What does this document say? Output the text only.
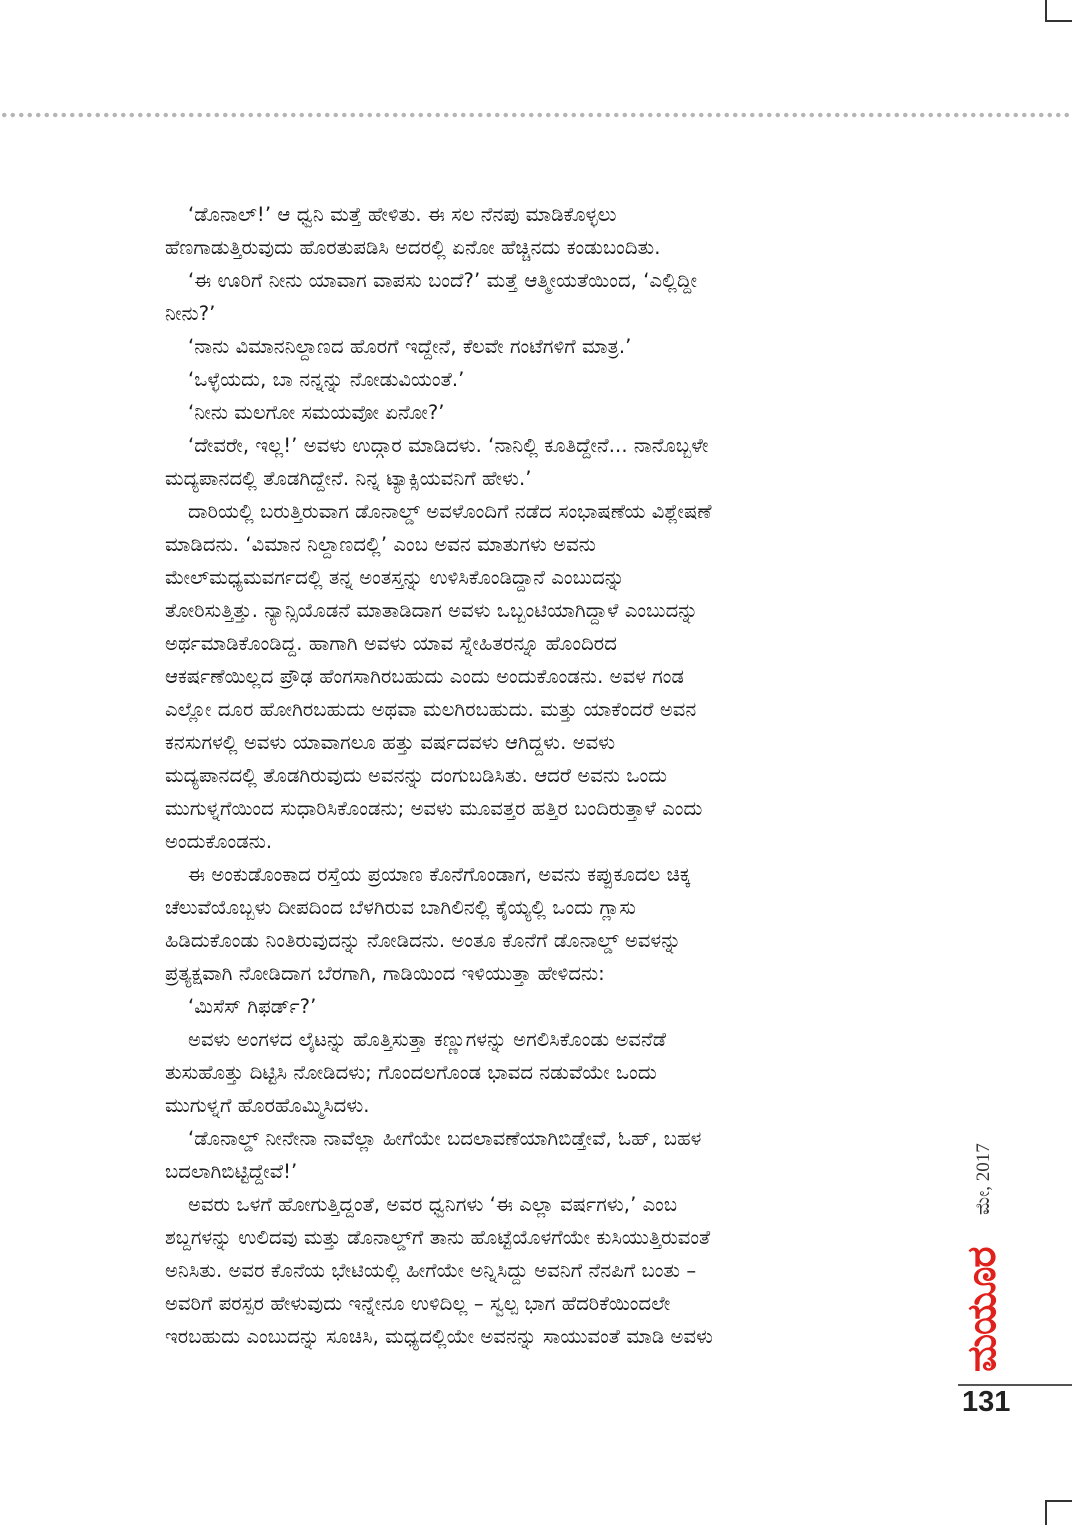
‘ಡೊನಾಲ್!’ ಆ ಧ್ವನಿ ಮತ್ತೆ ಹೇಳಿತು. ಈ ಸಲ ನೆನಪು ಮಾಡಿಕೊಳ್ಳಲು

ಹೆಣಗಾಡುತ್ತಿರುವುದು ಹೊರತುಪಡಿಸಿ ಅದರಲ್ಲಿ ಏನೋ ಹೆಚ್ಚಿನದು ಕಂಡುಬಂದಿತು.

‘ಈ ಊರಿಗೆ ನೀನು ಯಾವಾಗ ವಾಪಸು ಬಂದೆ?’ ಮತ್ತೆ ಆತ್ಮೀಯತೆಯಿಂದ, ‘ಎಲ್ಲಿದ್ದೀ

ನೀನು?’

‘ನಾನು ವಿಮಾನನಿಲ್ದಾಣದ ಹೊರಗೆ ಇದ್ದೇನೆ, ಕೆಲವೇ ಗಂಟೆಗಳಿಗೆ ಮಾತ್ರ.’

‘ಒಳ್ಳೆಯದು, ಬಾ ನನ್ನನ್ನು ನೋಡುವಿಯಂತೆ.’

‘ನೀನು ಮಲಗೋ ಸಮಯವೋ ಏನೋ?’

‘ದೇವರೇ, ಇಲ್ಲ!’ ಅವಳು ಉದ್ಗಾರ ಮಾಡಿದಳು. ‘ನಾನಿಲ್ಲಿ ಕೂತಿದ್ದೇನೆ... ನಾನೊಬ್ಬಳೇ

ಮದ್ಯಪಾನದಲ್ಲಿ ತೊಡಗಿದ್ದೇನೆ. ನಿನ್ನ ಟ್ಯಾಕ್ಸಿಯವನಿಗೆ ಹೇಳು.’

ದಾರಿಯಲ್ಲಿ ಬರುತ್ತಿರುವಾಗ ಡೊನಾಲ್ಡ್ ಅವಳೊಂದಿಗೆ ನಡೆದ ಸಂಭಾಷಣೆಯ ವಿಶ್ಲೇಷಣೆ

ಮಾಡಿದನು. ‘ವಿಮಾನ ನಿಲ್ದಾಣದಲ್ಲಿ’ ಎಂಬ ಅವನ ಮಾತುಗಳು ಅವನು

ಮೇಲ್‌ಮಧ್ಯಮವರ್ಗದಲ್ಲಿ ತನ್ನ ಅಂತಸ್ತನ್ನು ಉಳಿಸಿಕೊಂಡಿದ್ದಾನೆ ಎಂಬುದನ್ನು

ತೋರಿಸುತ್ತಿತ್ತು. ನ್ಯಾನ್ಸಿಯೊಡನೆ ಮಾತಾಡಿದಾಗ ಅವಳು ಒಬ್ಬಂಟಿಯಾಗಿದ್ದಾಳೆ ಎಂಬುದನ್ನು

ಅರ್ಥಮಾಡಿಕೊಂಡಿದ್ದ. ಹಾಗಾಗಿ ಅವಳು ಯಾವ ಸ್ನೇಹಿತರನ್ನೂ ಹೊಂದಿರದ

ಆಕರ್ಷಣೆಯಿಲ್ಲದ ಪ್ರೌಢ ಹೆಂಗಸಾಗಿರಬಹುದು ಎಂದು ಅಂದುಕೊಂಡನು. ಅವಳ ಗಂಡ

ಎಲ್ಲೋ ದೂರ ಹೋಗಿರಬಹುದು ಅಥವಾ ಮಲಗಿರಬಹುದು. ಮತ್ತು ಯಾಕೆಂದರೆ ಅವನ

ಕನಸುಗಳಲ್ಲಿ ಅವಳು ಯಾವಾಗಲೂ ಹತ್ತು ವರ್ಷದವಳು ಆಗಿದ್ದಳು. ಅವಳು

ಮದ್ಯಪಾನದಲ್ಲಿ ತೊಡಗಿರುವುದು ಅವನನ್ನು ದಂಗುಬಡಿಸಿತು. ಆದರೆ ಅವನು ಒಂದು

ಮುಗುಳ್ನಗೆಯಿಂದ ಸುಧಾರಿಸಿಕೊಂಡನು; ಅವಳು ಮೂವತ್ತರ ಹತ್ತಿರ ಬಂದಿರುತ್ತಾಳೆ ಎಂದು

ಅಂದುಕೊಂಡನು.

ಈ ಅಂಕುಡೊಂಕಾದ ರಸ್ತೆಯ ಪ್ರಯಾಣ ಕೊನೆಗೊಂಡಾಗ, ಅವನು ಕಪ್ಪುಕೂದಲ ಚಿಕ್ಕ

ಚೆಲುವೆಯೊಬ್ಬಳು ದೀಪದಿಂದ ಬೆಳಗಿರುವ ಬಾಗಿಲಿನಲ್ಲಿ ಕೈಯ್ಯಲ್ಲಿ ಒಂದು ಗ್ಲಾಸು

ಹಿಡಿದುಕೊಂಡು ನಿಂತಿರುವುದನ್ನು ನೋಡಿದನು. ಅಂತೂ ಕೊನೆಗೆ ಡೊನಾಲ್ಡ್ ಅವಳನ್ನು

ಪ್ರತ್ಯಕ್ಷವಾಗಿ ನೋಡಿದಾಗ ಬೆರಗಾಗಿ, ಗಾಡಿಯಿಂದ ಇಳಿಯುತ್ತಾ ಹೇಳಿದನು:

‘ಮಿಸೆಸ್ ಗಿಫರ್ಡ್?’

ಅವಳು ಅಂಗಳದ ಲೈಟನ್ನು ಹೊತ್ತಿಸುತ್ತಾ ಕಣ್ಣುಗಳನ್ನು ಅಗಲಿಸಿಕೊಂಡು ಅವನೆಡೆ

ತುಸುಹೊತ್ತು ದಿಟ್ಟಿಸಿ ನೋಡಿದಳು; ಗೊಂದಲಗೊಂಡ ಭಾವದ ನಡುವೆಯೇ ಒಂದು

ಮುಗುಳ್ನಗೆ ಹೊರಹೊಮ್ಮಿಸಿದಳು.

‘ಡೊನಾಲ್ಡ್ ನೀನೇನಾ ನಾವೆಲ್ಲಾ ಹೀಗೆಯೇ ಬದಲಾವಣೆಯಾಗಿಬಿಡ್ತೇವೆ, ಓಹ್, ಬಹಳ

ಬದಲಾಗಿಬಿಟ್ಟಿದ್ದೇವೆ!’

ಅವರು ಒಳಗೆ ಹೋಗುತ್ತಿದ್ದಂತೆ, ಅವರ ಧ್ವನಿಗಳು ‘ಈ ಎಲ್ಲಾ ವರ್ಷಗಳು,’ ಎಂಬ

ಶಬ್ದಗಳನ್ನು ಉಲಿದವು ಮತ್ತು ಡೊನಾಲ್ಡ್‌ಗೆ ತಾನು ಹೊಟ್ಟೆಯೊಳಗೆಯೇ ಕುಸಿಯುತ್ತಿರುವಂತೆ

ಅನಿಸಿತು. ಅವರ ಕೊನೆಯ ಭೇಟಿಯಲ್ಲಿ ಹೀಗೆಯೇ ಅನ್ನಿಸಿದ್ದು ಅವನಿಗೆ ನೆನಪಿಗೆ ಬಂತು –

ಅವರಿಗೆ ಪರಸ್ಪರ ಹೇಳುವುದು ಇನ್ನೇನೂ ಉಳಿದಿಲ್ಲ – ಸ್ವಲ್ಪ ಭಾಗ ಹೆದರಿಕೆಯಿಂದಲೇ

ಇರಬಹುದು ಎಂಬುದನ್ನು ಸೂಚಿಸಿ, ಮಧ್ಯದಲ್ಲಿಯೇ ಅವನನ್ನು ಸಾಯುವಂತೆ ಮಾಡಿ ಅವಳು

ಮೇ, 2017
ಮಯೂರ
131
